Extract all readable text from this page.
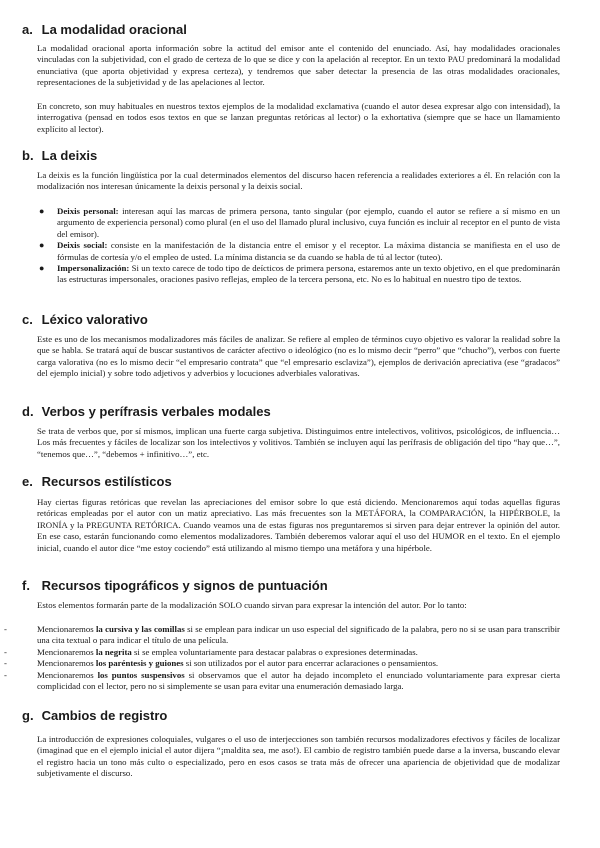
a. La modalidad oracional

La modalidad oracional aporta información sobre la actitud del emisor ante el contenido del enunciado. Así, hay modalidades oracionales vinculadas con la subjetividad, con el grado de certeza de lo que se dice y con la apelación al receptor. En un texto PAU predominará la modalidad enunciativa (que aporta objetividad y expresa certeza), y tendremos que saber detectar la presencia de las otras modalidades oracionales, representaciones de la subjetividad y de las apelaciones al lector.

En concreto, son muy habituales en nuestros textos ejemplos de la modalidad exclamativa (cuando el autor desea expresar algo con intensidad), la interrogativa (pensad en todos esos textos en que se lanzan preguntas retóricas al lector) o la exhortativa (siempre que se hace un llamamiento explícito al lector).

b. La deixis

La deixis es la función lingüística por la cual determinados elementos del discurso hacen referencia a realidades exteriores a él. En relación con la modalización nos interesan únicamente la deixis personal y la deixis social.

● Deixis personal: interesan aquí las marcas de primera persona, tanto singular (por ejemplo, cuando el autor se refiere a sí mismo en un argumento de experiencia personal) como plural (en el uso del llamado plural inclusivo, cuya función es incluir al receptor en el punto de vista del emisor).
● Deixis social: consiste en la manifestación de la distancia entre el emisor y el receptor. La máxima distancia se manifiesta en el uso de fórmulas de cortesía y/o el empleo de usted. La mínima distancia se da cuando se habla de tú al lector (tuteo).
● Impersonalización: Si un texto carece de todo tipo de deícticos de primera persona, estaremos ante un texto objetivo, en el que predominarán las estructuras impersonales, oraciones pasivo reflejas, empleo de la tercera persona, etc. No es lo habitual en nuestro tipo de textos.
c. Léxico valorativo

Este es uno de los mecanismos modalizadores más fáciles de analizar. Se refiere al empleo de términos cuyo objetivo es valorar la realidad sobre la que se habla. Se tratará aquí de buscar sustantivos de carácter afectivo o ideológico (no es lo mismo decir “perro” que “chucho”), verbos con fuerte carga valorativa (no es lo mismo decir “el empresario contrata” que “el empresario esclaviza”), ejemplos de derivación apreciativa (ese “gradacos” del ejemplo inicial) y sobre todo adjetivos y adverbios y locuciones adverbiales valorativas.

d. Verbos y perífrasis verbales modales

Se trata de verbos que, por sí mismos, implican una fuerte carga subjetiva. Distinguimos entre intelectivos, volitivos, psicológicos, de influencia… Los más frecuentes y fáciles de localizar son los intelectivos y volitivos. También se incluyen aquí las perífrasis de obligación del tipo “hay que…”, “tenemos que…”, “debemos + infinitivo…”, etc.

e. Recursos estilísticos

Hay ciertas figuras retóricas que revelan las apreciaciones del emisor sobre lo que está diciendo. Mencionaremos aquí todas aquellas figuras retóricas empleadas por el autor con un matiz apreciativo. Las más frecuentes son la METÁFORA, la COMPARACIÓN, la HIPÉRBOLE, la IRONÍA y la PREGUNTA RETÓRICA. Cuando veamos una de estas figuras nos preguntaremos si sirven para dejar entrever la opinión del autor. En ese caso, estarán funcionando como elementos modalizadores. También deberemos valorar aquí el uso del HUMOR en el texto. En el ejemplo inicial, cuando el autor dice “me estoy cociendo” está utilizando al mismo tiempo una metáfora y una hipérbole.

f. Recursos tipográficos y signos de puntuación

Estos elementos formarán parte de la modalización SOLO cuando sirvan para expresar la intención del autor. Por lo tanto:

-	Mencionaremos la cursiva y las comillas si se emplean para indicar un uso especial del significado de la palabra, pero no si se usan para transcribir una cita textual o para indicar el título de una película.
-	Mencionaremos la negrita si se emplea voluntariamente para destacar palabras o expresiones determinadas.
-	Mencionaremos los paréntesis y guiones si son utilizados por el autor para encerrar aclaraciones o pensamientos.
-	Mencionaremos los puntos suspensivos si observamos que el autor ha dejado incompleto el enunciado voluntariamente para expresar cierta complicidad con el lector, pero no si simplemente se usan para evitar una enumeración demasiado larga.
g. Cambios de registro

La introducción de expresiones coloquiales, vulgares o el uso de interjecciones son también recursos modalizadores efectivos y fáciles de localizar (imaginad que en el ejemplo inicial el autor dijera “¡maldita sea, me aso!). El cambio de registro también puede darse a la inversa, buscando elevar el registro hacia un tono más culto o especializado, pero en esos casos se trata más de ofrecer una apariencia de objetividad que de modalizar subjetivamente el discurso.
